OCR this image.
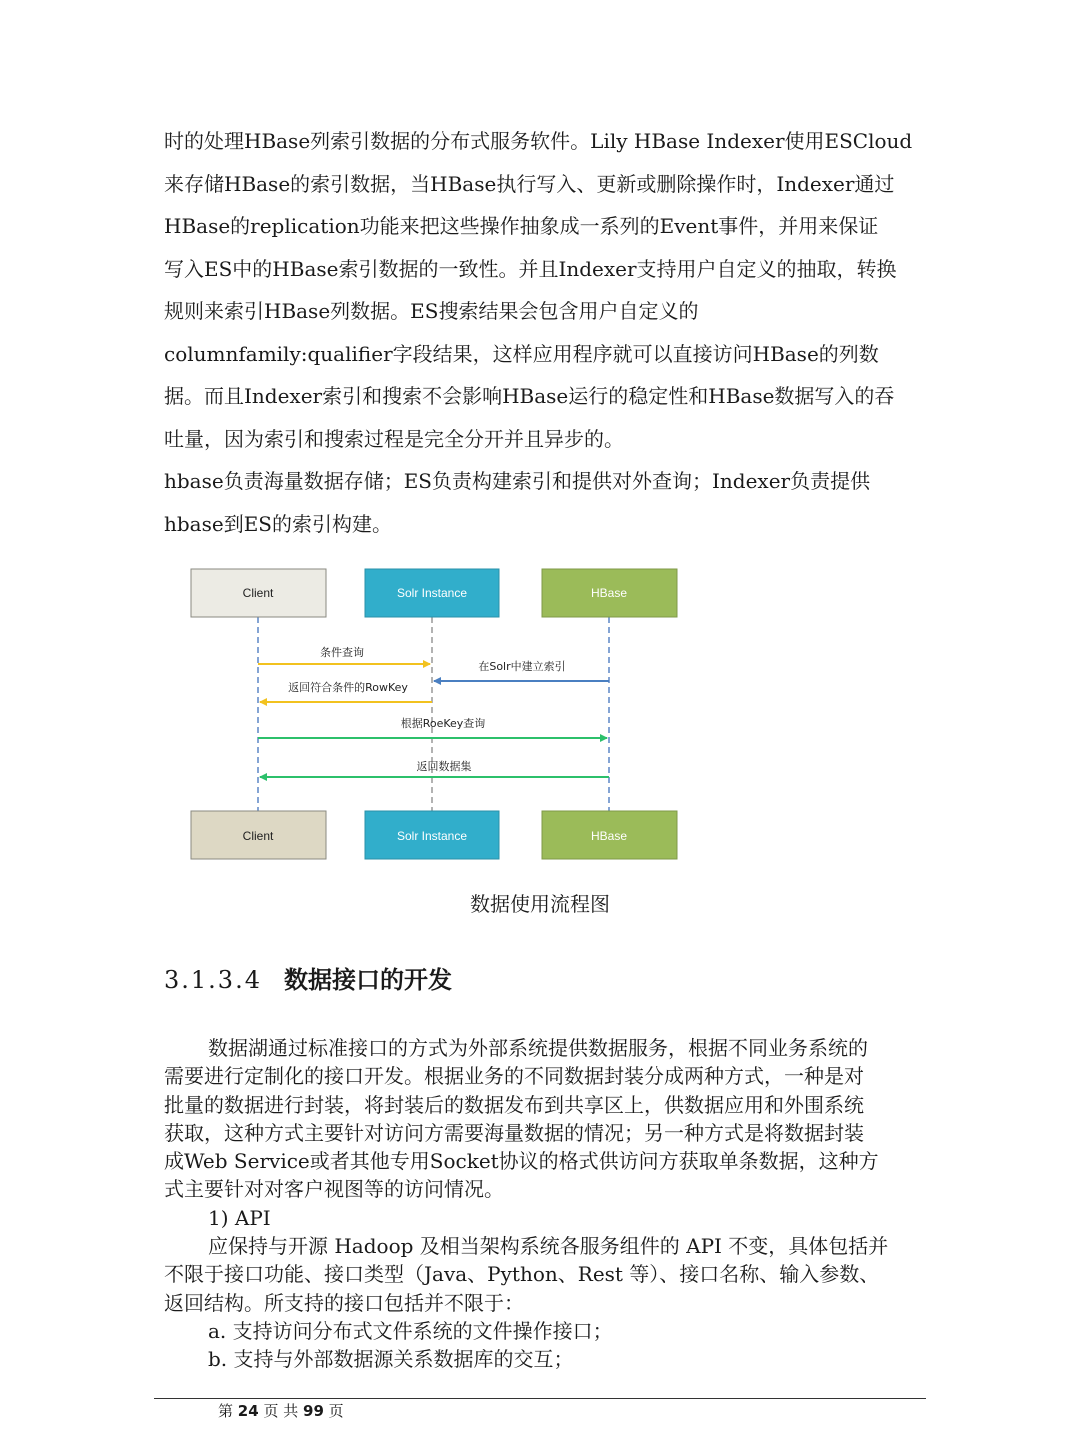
时的处理HBase列索引数据的分布式服务软件。Lily HBase Indexer使用ESCloud

来存储HBase的索引数据，当HBase执行写入、更新或删除操作时，Indexer通过

HBase的replication功能来把这些操作抽象成一系列的Event事件，并用来保证

写入ES中的HBase索引数据的一致性。并且Indexer支持用户自定义的抽取，转换

规则来索引HBase列数据。ES搜索结果会包含用户自定义的

columnfamily:qualifier字段结果，这样应用程序就可以直接访问HBase的列数

据。而且Indexer索引和搜索不会影响HBase运行的稳定性和HBase数据写入的吞

吐量，因为索引和搜索过程是完全分开并且异步的。

hbase负责海量数据存储；ES负责构建索引和提供对外查询；Indexer负责提供

hbase到ES的索引构建。

Client	Solr Instance	HBase
条件查询
在Solr中建立索引
返回符合条件的RowKey
根据RoeKey查询
返回数据集
Client	Solr Instance	HBase
数据使用流程图
3.1.3.4 数据接口的开发

数据湖通过标准接口的方式为外部系统提供数据服务，根据不同业务系统的

需要进行定制化的接口开发。根据业务的不同数据封装分成两种方式，一种是对

批量的数据进行封装，将封装后的数据发布到共享区上，供数据应用和外围系统

获取，这种方式主要针对访问方需要海量数据的情况；另一种方式是将数据封装

成Web Service或者其他专用Socket协议的格式供访问方获取单条数据，这种方

式主要针对对客户视图等的访问情况。

1) API

应保持与开源 Hadoop 及相当架构系统各服务组件的 API 不变，具体包括并

不限于接口功能、接口类型（Java、Python、Rest 等）、接口名称、输入参数、

返回结构。所支持的接口包括并不限于：

a. 支持访问分布式文件系统的文件操作接口；

b. 支持与外部数据源关系数据库的交互；

第 24 页 共 99 页
